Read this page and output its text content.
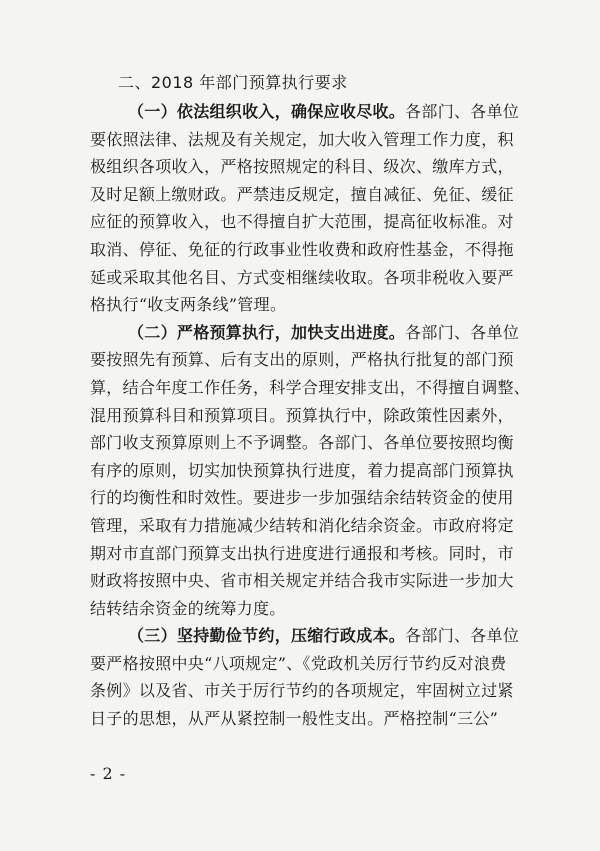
二、2018 年部门预算执行要求
（一）依法组织收入，确保应收尽收。各部门、各单位
要依照法律、法规及有关规定，加大收入管理工作力度，积
极组织各项收入，严格按照规定的科目、级次、缴库方式，
及时足额上缴财政。严禁违反规定，擅自减征、免征、缓征
应征的预算收入，也不得擅自扩大范围，提高征收标准。对
取消、停征、免征的行政事业性收费和政府性基金，不得拖
延或采取其他名目、方式变相继续收取。各项非税收入要严
格执行“收支两条线”管理。
（二）严格预算执行，加快支出进度。各部门、各单位
要按照先有预算、后有支出的原则，严格执行批复的部门预
算，结合年度工作任务，科学合理安排支出，不得擅自调整、
混用预算科目和预算项目。预算执行中，除政策性因素外，
部门收支预算原则上不予调整。各部门、各单位要按照均衡
有序的原则，切实加快预算执行进度，着力提高部门预算执
行的均衡性和时效性。要进步一步加强结余结转资金的使用
管理，采取有力措施减少结转和消化结余资金。市政府将定
期对市直部门预算支出执行进度进行通报和考核。同时，市
财政将按照中央、省市相关规定并结合我市实际进一步加大
结转结余资金的统筹力度。
（三）坚持勤俭节约，压缩行政成本。各部门、各单位
要严格按照中央“八项规定”、《党政机关厉行节约反对浪费
条例》以及省、市关于厉行节约的各项规定，牢固树立过紧
日子的思想，从严从紧控制一般性支出。严格控制“三公”
- 2 -
